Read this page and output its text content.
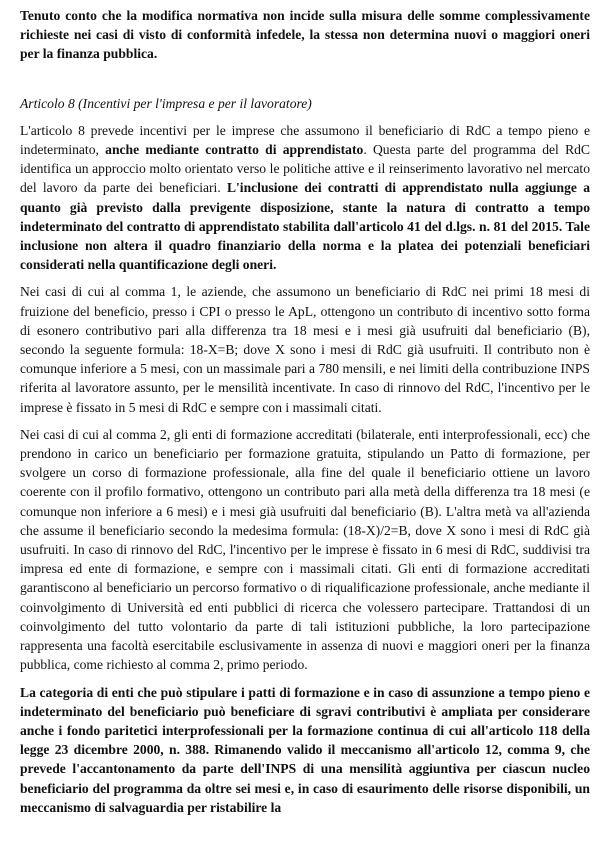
Tenuto conto che la modifica normativa non incide sulla misura delle somme complessivamente richieste nei casi di visto di conformità infedele, la stessa non determina nuovi o maggiori oneri per la finanza pubblica.

Articolo 8 (Incentivi per l'impresa e per il lavoratore)

L'articolo 8 prevede incentivi per le imprese che assumono il beneficiario di RdC a tempo pieno e indeterminato, anche mediante contratto di apprendistato. Questa parte del programma del RdC identifica un approccio molto orientato verso le politiche attive e il reinserimento lavorativo nel mercato del lavoro da parte dei beneficiari. L'inclusione dei contratti di apprendistato nulla aggiunge a quanto già previsto dalla previgente disposizione, stante la natura di contratto a tempo indeterminato del contratto di apprendistato stabilita dall'articolo 41 del d.lgs. n. 81 del 2015. Tale inclusione non altera il quadro finanziario della norma e la platea dei potenziali beneficiari considerati nella quantificazione degli oneri.

Nei casi di cui al comma 1, le aziende, che assumono un beneficiario di RdC nei primi 18 mesi di fruizione del beneficio, presso i CPI o presso le ApL, ottengono un contributo di incentivo sotto forma di esonero contributivo pari alla differenza tra 18 mesi e i mesi già usufruiti dal beneficiario (B), secondo la seguente formula: 18-X=B; dove X sono i mesi di RdC già usufruiti. Il contributo non è comunque inferiore a 5 mesi, con un massimale pari a 780 mensili, e nei limiti della contribuzione INPS riferita al lavoratore assunto, per le mensilità incentivate. In caso di rinnovo del RdC, l'incentivo per le imprese è fissato in 5 mesi di RdC e sempre con i massimali citati.

Nei casi di cui al comma 2, gli enti di formazione accreditati (bilaterale, enti interprofessionali, ecc) che prendono in carico un beneficiario per formazione gratuita, stipulando un Patto di formazione, per svolgere un corso di formazione professionale, alla fine del quale il beneficiario ottiene un lavoro coerente con il profilo formativo, ottengono un contributo pari alla metà della differenza tra 18 mesi (e comunque non inferiore a 6 mesi) e i mesi già usufruiti dal beneficiario (B). L'altra metà va all'azienda che assume il beneficiario secondo la medesima formula: (18-X)/2=B, dove X sono i mesi di RdC già usufruiti. In caso di rinnovo del RdC, l'incentivo per le imprese è fissato in 6 mesi di RdC, suddivisi tra impresa ed ente di formazione, e sempre con i massimali citati. Gli enti di formazione accreditati garantiscono al beneficiario un percorso formativo o di riqualificazione professionale, anche mediante il coinvolgimento di Università ed enti pubblici di ricerca che volessero partecipare. Trattandosi di un coinvolgimento del tutto volontario da parte di tali istituzioni pubbliche, la loro partecipazione rappresenta una facoltà esercitabile esclusivamente in assenza di nuovi e maggiori oneri per la finanza pubblica, come richiesto al comma 2, primo periodo.

La categoria di enti che può stipulare i patti di formazione e in caso di assunzione a tempo pieno e indeterminato del beneficiario può beneficiare di sgravi contributivi è ampliata per considerare anche i fondo paritetici interprofessionali per la formazione continua di cui all'articolo 118 della legge 23 dicembre 2000, n. 388. Rimanendo valido il meccanismo all'articolo 12, comma 9, che prevede l'accantonamento da parte dell'INPS di una mensilità aggiuntiva per ciascun nucleo beneficiario del programma da oltre sei mesi e, in caso di esaurimento delle risorse disponibili, un meccanismo di salvaguardia per ristabilire la
